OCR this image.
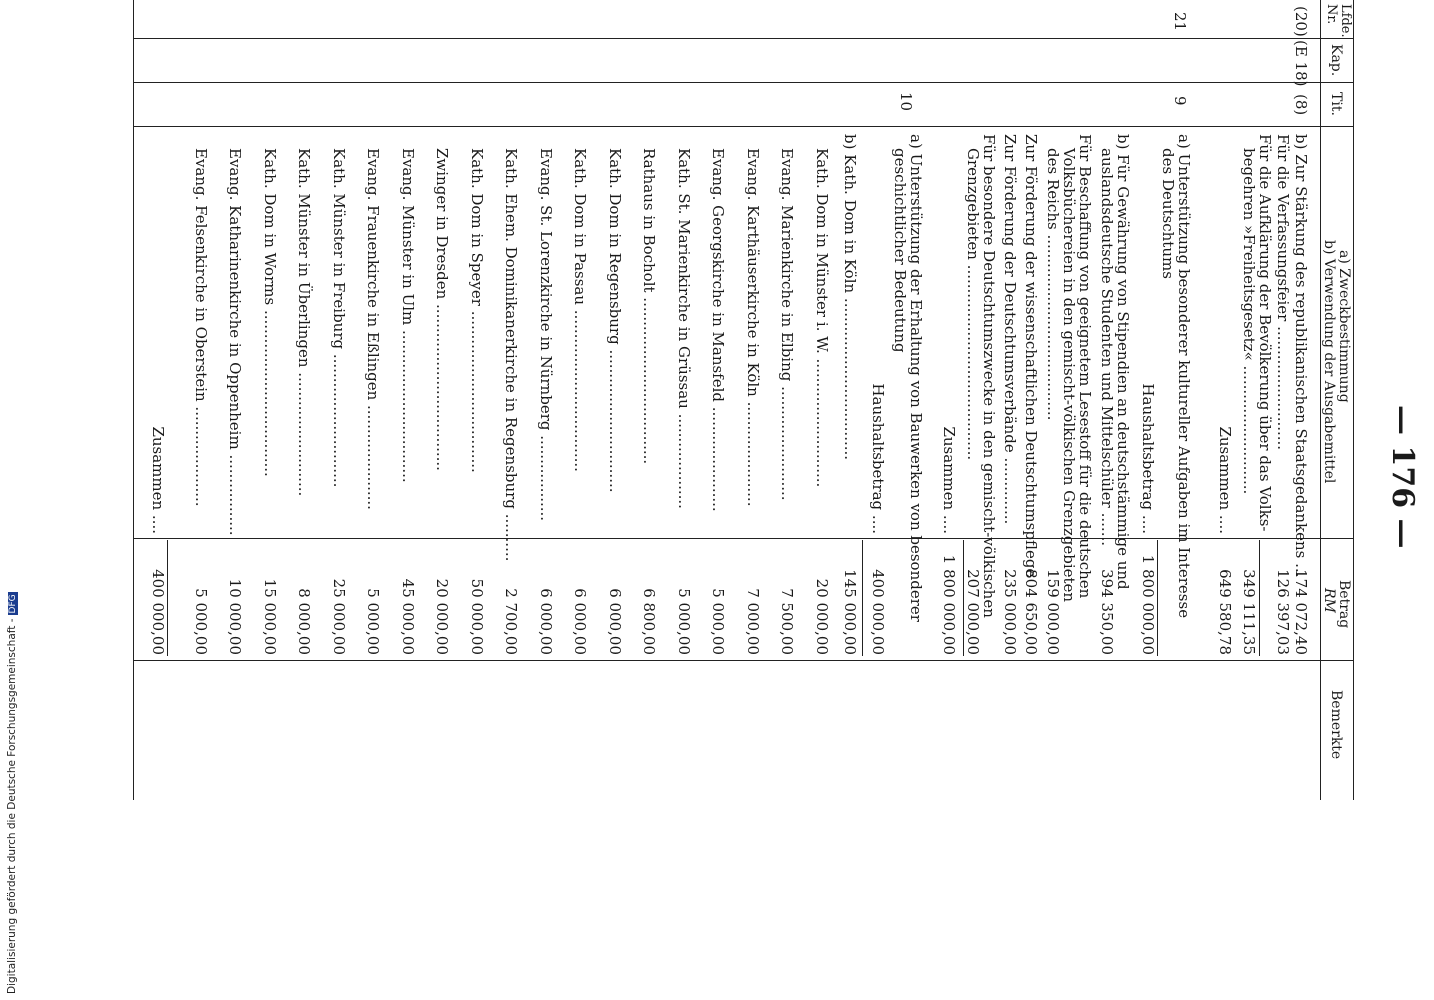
— 176 —
Lfde. Nr.
Kap.
Tit.
a) Zweckbestimmung
b) Verwendung der Ausgabemittel
Betrag
RM
Bemerkte
(20)
(E 18)
(8)
b) Zur Stärkung des republikanischen Staatsgedankens ...
174 072,40
Für die Verfassungsfeier ..........................
126 397,03
Für die Aufklärung der Bevölkerung über das Volks-
begehren »Freiheitsgesetz« ...........................
349 111,35
Zusammen ....
649 580,78
21
9
a) Unterstützung besonderer kultureller Aufgaben im Interesse
des Deutschtums
Haushaltsbetrag ....
1 800 000,00
b) Für Gewährung von Stipendien an deutschstämmige und
auslandsdeutsche Studenten und Mittelschüler .......
394 350,00
Für Beschaffung von geeignetem Lesestoff für die deutschen
Volksbüchereien in den gemischt-völkischen Grenzgebieten
des Reichs .......................................
159 000,00
Zur Förderung der wissenschaftlichen Deutschtumspflege
804 650,00
Zur Förderung der Deutschtumsverbände ..............
235 000,00
Für besondere Deutschtumszwecke in den gemischt-völkischen
Grenzgebieten .........................................
207 000,00
Zusammen ....
1 800 000,00
10
a) Unterstützung der Erhaltung von Bauwerken von besonderer
geschichtlicher Bedeutung
Haushaltsbetrag ....
400 000,00
b) Kath. Dom in Köln ..................................
145 000,00
Zusammen ....
400 000,00
Kath. Dom in Münster i. W. ...........................
20 000,00
Evang. Marienkirche in Elbing ........................
7 500,00
Evang. Karthäuserkirche in Köln ......................
7 000,00
Evang. Georgskirche in Mansfeld ......................
5 000,00
Kath. St. Marienkirche in Grüssau ....................
5 000,00
Rathaus in Bocholt ...................................
6 800,00
Kath. Dom in Regensburg ..............................
6 000,00
Kath. Dom in Passau ..................................
6 000,00
Evang. St. Lorenzkirche in Nürnberg ..................
6 000,00
Kath. Ehem. Dominikanerkirche in Regensburg ..........
2 700,00
Kath. Dom in Speyer ..................................
50 000,00
Zwinger in Dresden ...................................
20 000,00
Evang. Münster in Ulm ................................
45 000,00
Evang. Frauenkirche in Eßlingen ......................
5 000,00
Kath. Münster in Freiburg ............................
25 000,00
Kath. Münster in Überlingen ..........................
8 000,00
Kath. Dom in Worms ...................................
15 000,00
Evang. Katharinenkirche in Oppenheim .................
10 000,00
Evang. Felsenkirche in Oberstein .....................
5 000,00
Digitalisierung gefördert durch die Deutsche Forschungsgemeinschaft -DFG
